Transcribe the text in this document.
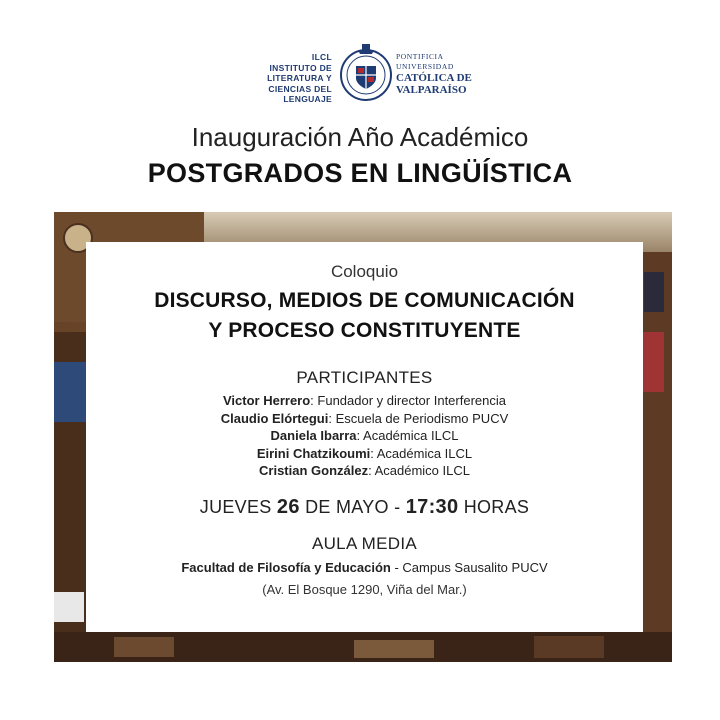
ILCL
INSTITUTO DE
LITERATURA Y
CIENCIAS DEL
LENGUAJE
PONTIFICIA
UNIVERSIDAD
CATÓLICA DE
VALPARAÍSO
Inauguración Año Académico
POSTGRADOS EN LINGÜÍSTICA
Coloquio
DISCURSO, MEDIOS DE COMUNICACIÓN
Y PROCESO CONSTITUYENTE
PARTICIPANTES
Victor Herrero: Fundador y director Interferencia
Claudio Elórtegui: Escuela de Periodismo PUCV
Daniela Ibarra: Académica ILCL
Eirini Chatzikoumi: Académica ILCL
Cristian González: Académico ILCL
JUEVES 26 DE MAYO - 17:30 HORAS
AULA MEDIA
Facultad de Filosofía y Educación - Campus Sausalito PUCV
(Av. El Bosque 1290, Viña del Mar.)
